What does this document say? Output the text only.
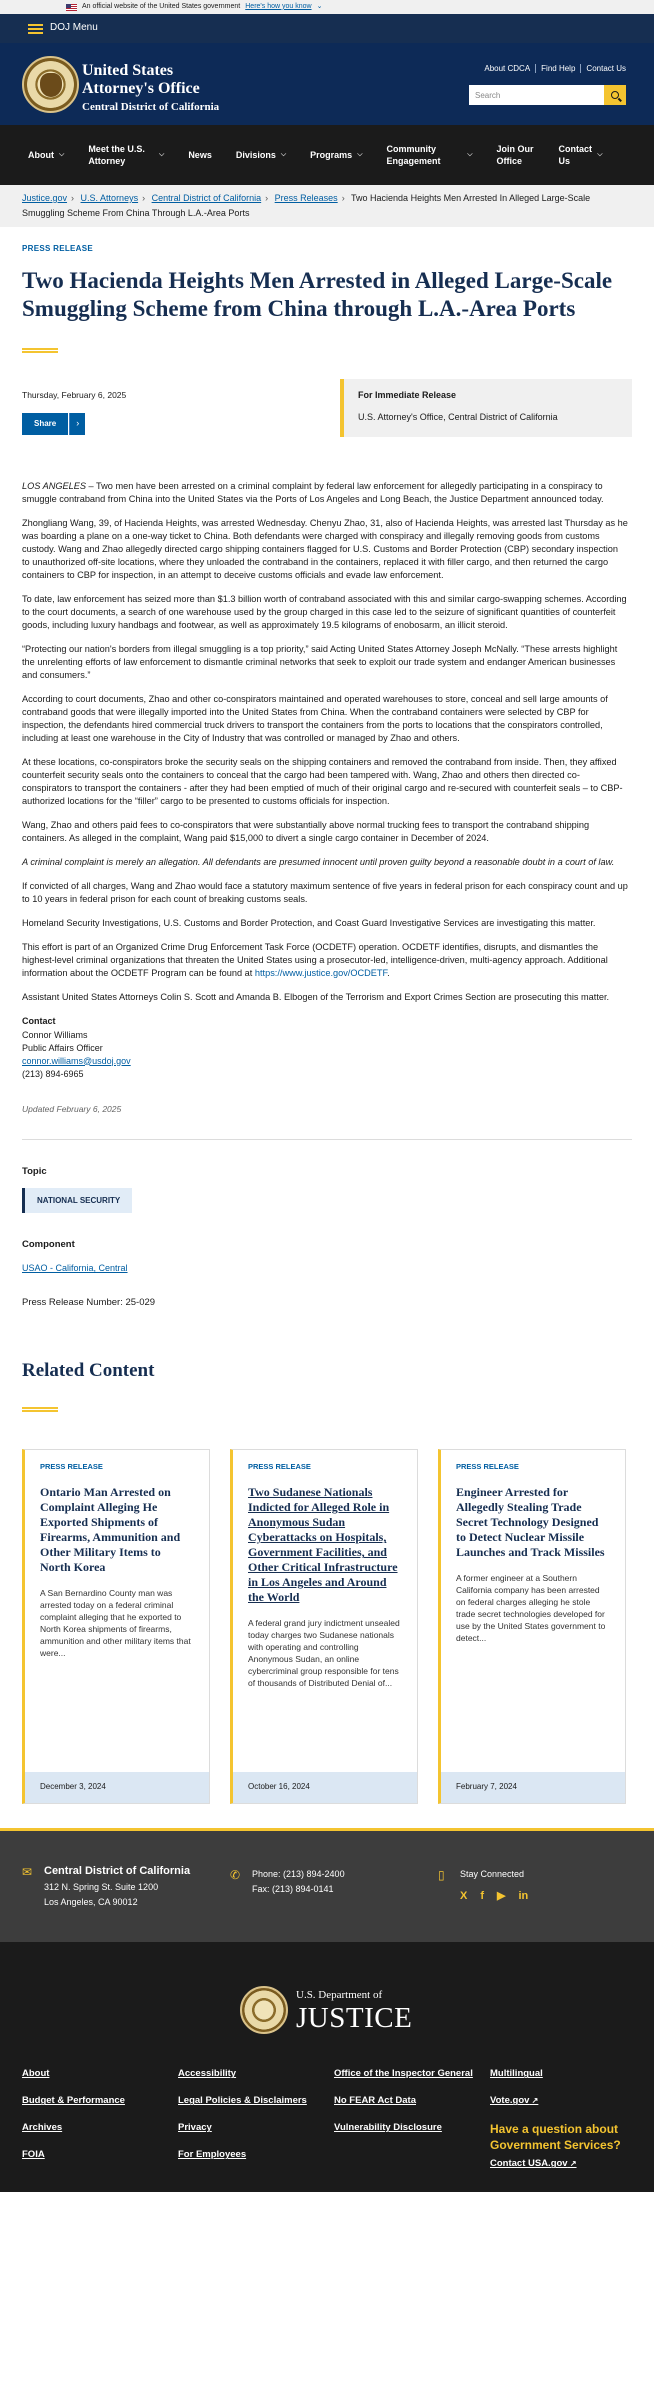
An official website of the United States government Here's how you know ⌄
DOJ Menu
United States
Attorney's Office
Central District of California
About CDCA Find Help Contact Us
Search
About ⌵
Meet the U.S. Attorney
⌵	News	Divisions ⌵	Programs ⌵
Community Engagement
⌵
Join Our Office
Contact Us
⌵
Justice.gov › U.S. Attorneys › Central District of California › Press Releases › Two Hacienda Heights Men Arrested In Alleged Large-Scale Smuggling Scheme From China Through L.A.-Area Ports
PRESS RELEASE
Two Hacienda Heights Men Arrested in Alleged Large-Scale Smuggling Scheme from China through L.A.-Area Ports
Thursday, February 6, 2025
Share	›
For Immediate Release
U.S. Attorney's Office, Central District of California

LOS ANGELES – Two men have been arrested on a criminal complaint by federal law enforcement for allegedly participating in a conspiracy to smuggle contraband from China into the United States via the Ports of Los Angeles and Long Beach, the Justice Department announced today.

Zhongliang Wang, 39, of Hacienda Heights, was arrested Wednesday. Chenyu Zhao, 31, also of Hacienda Heights, was arrested last Thursday as he was boarding a plane on a one-way ticket to China. Both defendants were charged with conspiracy and illegally removing goods from customs custody. Wang and Zhao allegedly directed cargo shipping containers flagged for U.S. Customs and Border Protection (CBP) secondary inspection to unauthorized off-site locations, where they unloaded the contraband in the containers, replaced it with filler cargo, and then returned the cargo containers to CBP for inspection, in an attempt to deceive customs officials and evade law enforcement.

To date, law enforcement has seized more than $1.3 billion worth of contraband associated with this and similar cargo-swapping schemes. According to the court documents, a search of one warehouse used by the group charged in this case led to the seizure of significant quantities of counterfeit goods, including luxury handbags and footwear, as well as approximately 19.5 kilograms of enobosarm, an illicit steroid.

“Protecting our nation's borders from illegal smuggling is a top priority,” said Acting United States Attorney Joseph McNally. “These arrests highlight the unrelenting efforts of law enforcement to dismantle criminal networks that seek to exploit our trade system and endanger American businesses and consumers.”

According to court documents, Zhao and other co-conspirators maintained and operated warehouses to store, conceal and sell large amounts of contraband goods that were illegally imported into the United States from China. When the contraband containers were selected by CBP for inspection, the defendants hired commercial truck drivers to transport the containers from the ports to locations that the conspirators controlled, including at least one warehouse in the City of Industry that was controlled or managed by Zhao and others.

At these locations, co-conspirators broke the security seals on the shipping containers and removed the contraband from inside. Then, they affixed counterfeit security seals onto the containers to conceal that the cargo had been tampered with. Wang, Zhao and others then directed co-conspirators to transport the containers - after they had been emptied of much of their original cargo and re-secured with counterfeit seals – to CBP-authorized locations for the “filler” cargo to be presented to customs officials for inspection.

Wang, Zhao and others paid fees to co-conspirators that were substantially above normal trucking fees to transport the contraband shipping containers. As alleged in the complaint, Wang paid $15,000 to divert a single cargo container in December of 2024.

A criminal complaint is merely an allegation. All defendants are presumed innocent until proven guilty beyond a reasonable doubt in a court of law.

If convicted of all charges, Wang and Zhao would face a statutory maximum sentence of five years in federal prison for each conspiracy count and up to 10 years in federal prison for each count of breaking customs seals.

Homeland Security Investigations, U.S. Customs and Border Protection, and Coast Guard Investigative Services are investigating this matter.

This effort is part of an Organized Crime Drug Enforcement Task Force (OCDETF) operation. OCDETF identifies, disrupts, and dismantles the highest-level criminal organizations that threaten the United States using a prosecutor-led, intelligence-driven, multi-agency approach. Additional information about the OCDETF Program can be found at https://www.justice.gov/OCDETF.

Assistant United States Attorneys Colin S. Scott and Amanda B. Elbogen of the Terrorism and Export Crimes Section are prosecuting this matter.

Contact
Connor Williams
Public Affairs Officer
connor.williams@usdoj.gov
(213) 894-6965
Updated February 6, 2025
Topic
NATIONAL SECURITY
Component
USAO - California, Central
Press Release Number: 25-029
Related Content
PRESS RELEASE
Ontario Man Arrested on Complaint Alleging He Exported Shipments of Firearms, Ammunition and Other Military Items to North Korea
A San Bernardino County man was arrested today on a federal criminal complaint alleging that he exported to North Korea shipments of firearms, ammunition and other military items that were...
December 3, 2024
PRESS RELEASE
Two Sudanese Nationals Indicted for Alleged Role in Anonymous Sudan Cyberattacks on Hospitals, Government Facilities, and Other Critical Infrastructure in Los Angeles and Around the World
A federal grand jury indictment unsealed today charges two Sudanese nationals with operating and controlling Anonymous Sudan, an online cybercriminal group responsible for tens of thousands of Distributed Denial of...
October 16, 2024
PRESS RELEASE
Engineer Arrested for Allegedly Stealing Trade Secret Technology Designed to Detect Nuclear Missile Launches and Track Missiles
A former engineer at a Southern California company has been arrested on federal charges alleging he stole trade secret technologies developed for use by the United States government to detect...
February 7, 2024
✉ Central District of California
312 N. Spring St. Suite 1200
Los Angeles, CA 90012
✆ Phone: (213) 894-2400
Fax: (213) 894-0141
▯	Stay Connected
X f ▶ in
U.S. Department of
JUSTICE
About
Budget & Performance
Archives
FOIA
Accessibility
Legal Policies & Disclaimers
Privacy
For Employees
Office of the Inspector General
No FEAR Act Data
Vulnerability Disclosure
Multilingual
Vote.gov ↗
Have a question about Government Services?
Contact USA.gov ↗
